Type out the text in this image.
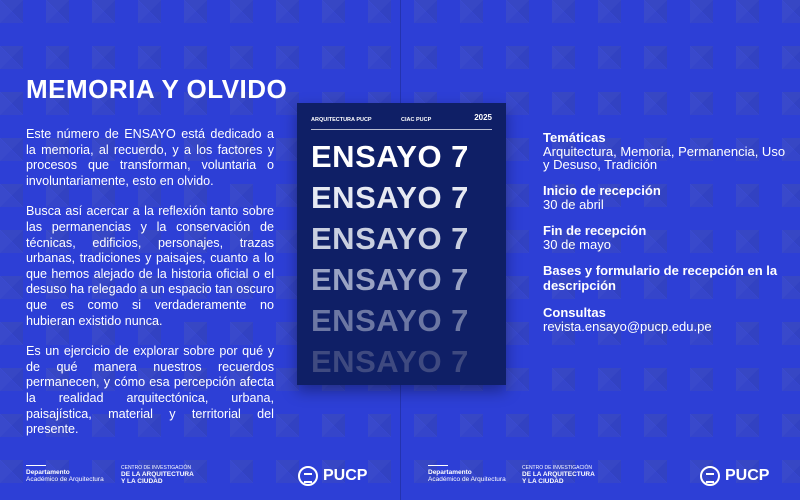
MEMORIA Y OLVIDO

Este número de ENSAYO está dedicado a la memoria, al recuerdo, y a los factores y procesos que transforman, voluntaria o involuntariamente, esto en olvido.

Busca así acercar a la reflexión tanto sobre las permanencias y la conservación de técnicas, edificios, personajes, trazas urbanas, tradiciones y paisajes, cuanto a lo que hemos alejado de la historia oficial o el desuso ha relegado a un espacio tan oscuro que es como si verdaderamente no hubieran existido nunca.

Es un ejercicio de explorar sobre por qué y de qué manera nuestros recuerdos permanecen, y cómo esa percepción afecta la realidad arquitectónica, urbana, paisajística, material y territorial del presente.

ARQUITECTURA PUCP	CIAC PUCP	2025
ENSAYO 7
ENSAYO 7
ENSAYO 7
ENSAYO 7
ENSAYO 7
ENSAYO 7
Temáticas
Arquitectura, Memoria, Permanencia, Uso y Desuso, Tradición
Inicio de recepción
30 de abril
Fin de recepción
30 de mayo
Bases y formulario de recepción en la descripción
Consultas
revista.ensayo@pucp.edu.pe
Departamento
Académico de Arquitectura
CENTRO DE INVESTIGACIÓN
DE LA ARQUITECTURA
Y LA CIUDAD	PUCP	Departamento
Académico de Arquitectura
CENTRO DE INVESTIGACIÓN
DE LA ARQUITECTURA
Y LA CIUDAD	PUCP
